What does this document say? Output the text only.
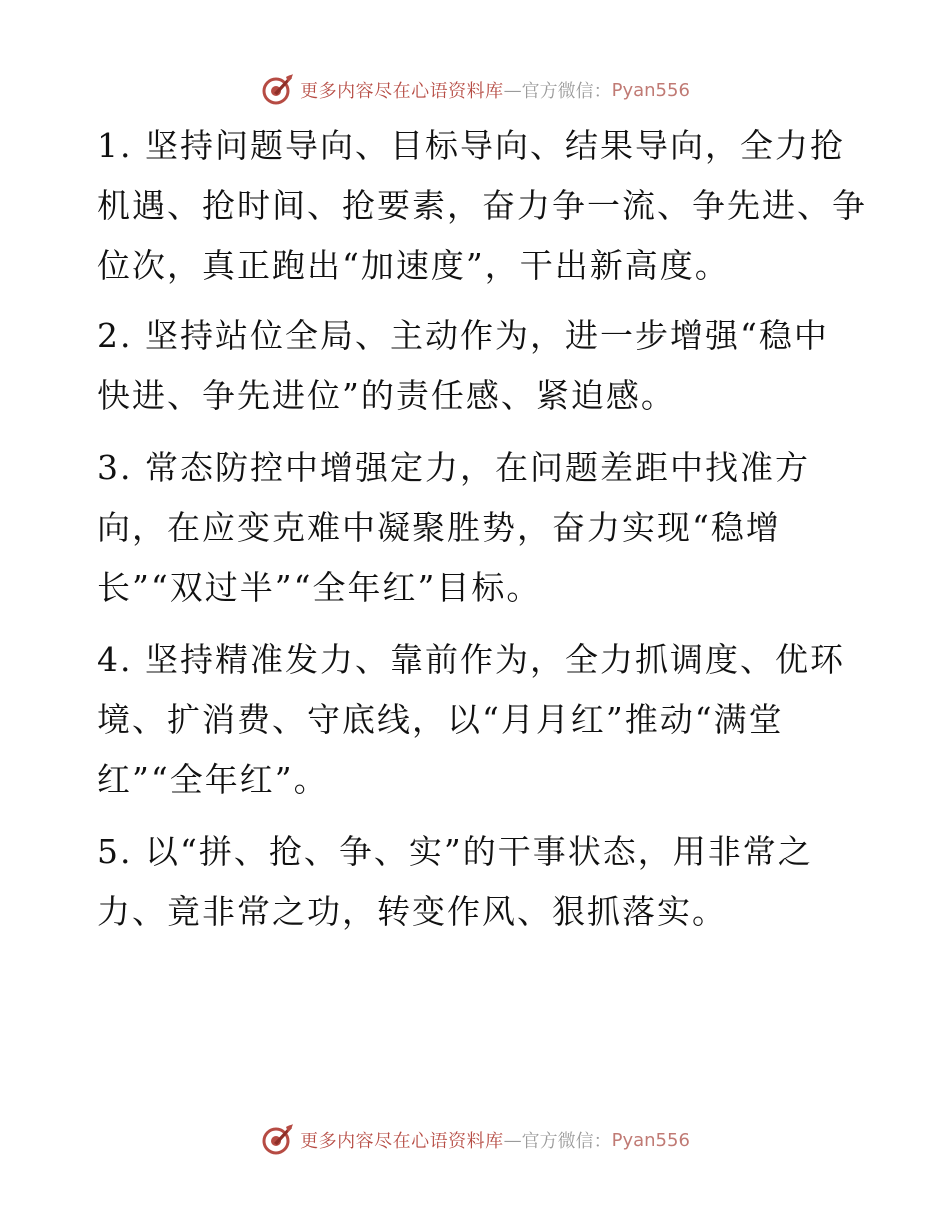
更多内容尽在心语资料库 — 官方微信： Pyan556
1. 坚持问题导向、目标导向、结果导向，全力抢
机遇、抢时间、抢要素，奋力争一流、争先进、争
位次，真正跑出“加速度”，干出新高度。
2. 坚持站位全局、主动作为，进一步增强“稳中
快进、争先进位”的责任感、紧迫感。
3. 常态防控中增强定力，在问题差距中找准方
向，在应变克难中凝聚胜势，奋力实现“稳增
长”“双过半”“全年红”目标。
4. 坚持精准发力、靠前作为，全力抓调度、优环
境、扩消费、守底线，以“月月红”推动“满堂
红”“全年红”。
5. 以“拼、抢、争、实”的干事状态，用非常之
力、竟非常之功，转变作风、狠抓落实。
更多内容尽在心语资料库 — 官方微信： Pyan556
